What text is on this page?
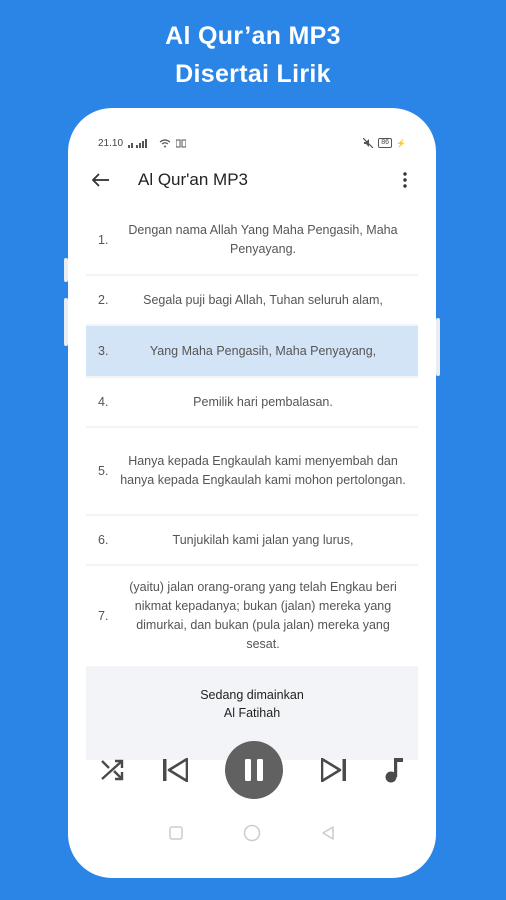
Al Qur’an MP3
Disertai Lirik
21.10	86 ⚡
Al Qur'an MP3
1.
Dengan nama Allah Yang Maha Pengasih, Maha Penyayang.
2.	Segala puji bagi Allah, Tuhan seluruh alam,
3.	Yang Maha Pengasih, Maha Penyayang,
4.	Pemilik hari pembalasan.
5.
Hanya kepada Engkaulah kami menyembah dan hanya kepada Engkaulah kami mohon pertolongan.
6.	Tunjukilah kami jalan yang lurus,
7.
(yaitu) jalan orang-orang yang telah Engkau beri nikmat kepadanya; bukan (jalan) mereka yang dimurkai, dan bukan (pula jalan) mereka yang sesat.
Sedang dimainkan
Al Fatihah
